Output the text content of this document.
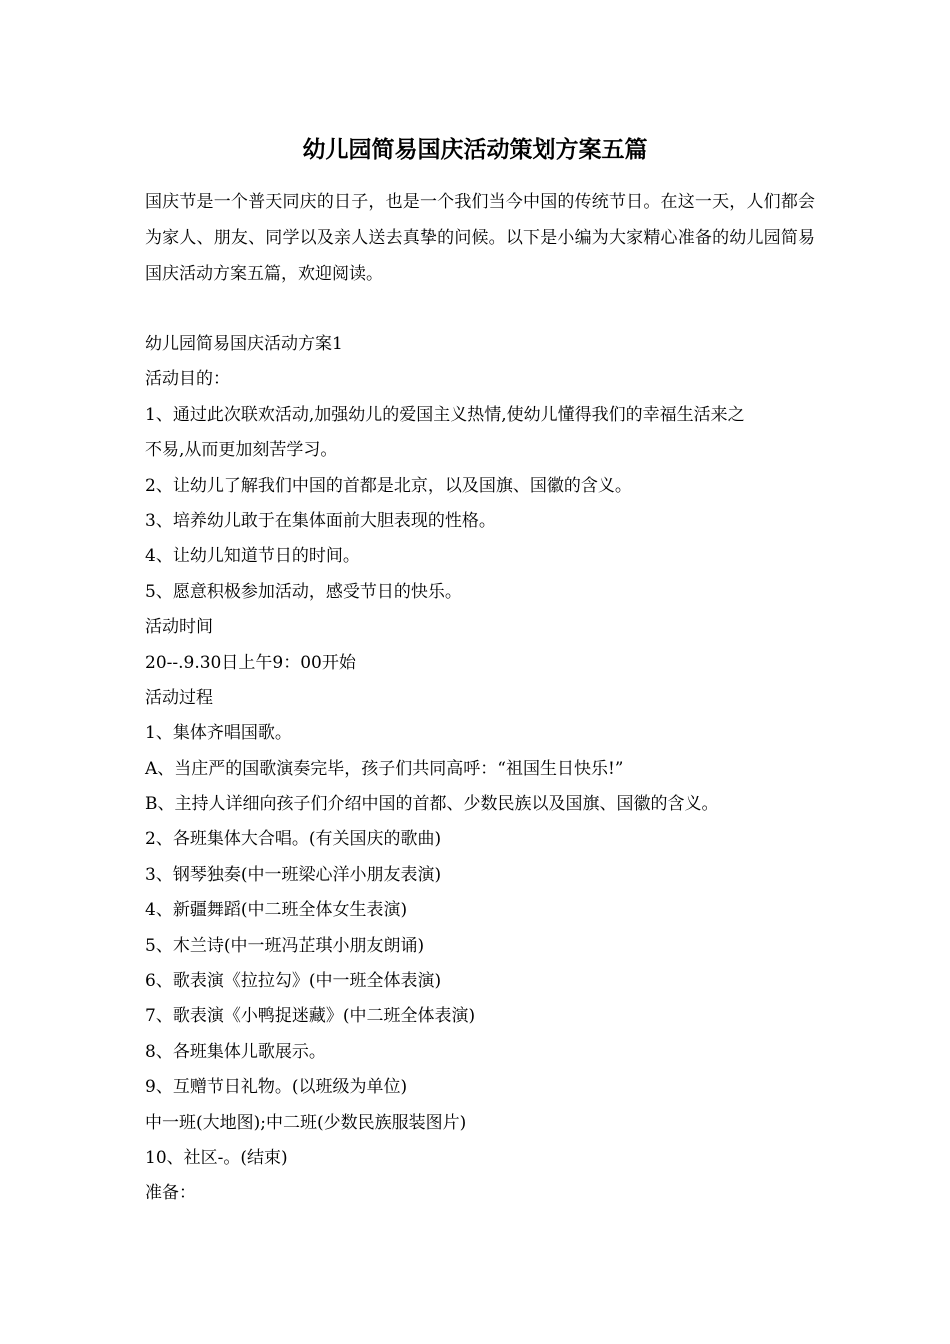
幼儿园简易国庆活动策划方案五篇

国庆节是一个普天同庆的日子，也是一个我们当今中国的传统节日。在这一天，人们都会为家人、朋友、同学以及亲人送去真挚的问候。以下是小编为大家精心准备的幼儿园简易国庆活动方案五篇，欢迎阅读。

幼儿园简易国庆活动方案1
活动目的：
1、通过此次联欢活动,加强幼儿的爱国主义热情,使幼儿懂得我们的幸福生活来之
不易,从而更加刻苦学习。
2、让幼儿了解我们中国的首都是北京，以及国旗、国徽的含义。
3、培养幼儿敢于在集体面前大胆表现的性格。
4、让幼儿知道节日的时间。
5、愿意积极参加活动，感受节日的快乐。
活动时间
20--.9.30日上午9：00开始
活动过程
1、集体齐唱国歌。
A、当庄严的国歌演奏完毕，孩子们共同高呼：“祖国生日快乐!”
B、主持人详细向孩子们介绍中国的首都、少数民族以及国旗、国徽的含义。
2、各班集体大合唱。(有关国庆的歌曲)
3、钢琴独奏(中一班梁心洋小朋友表演)
4、新疆舞蹈(中二班全体女生表演)
5、木兰诗(中一班冯芷琪小朋友朗诵)
6、歌表演《拉拉勾》(中一班全体表演)
7、歌表演《小鸭捉迷藏》(中二班全体表演)
8、各班集体儿歌展示。
9、互赠节日礼物。(以班级为单位)
中一班(大地图);中二班(少数民族服装图片)
10、社区-。(结束)
准备：
